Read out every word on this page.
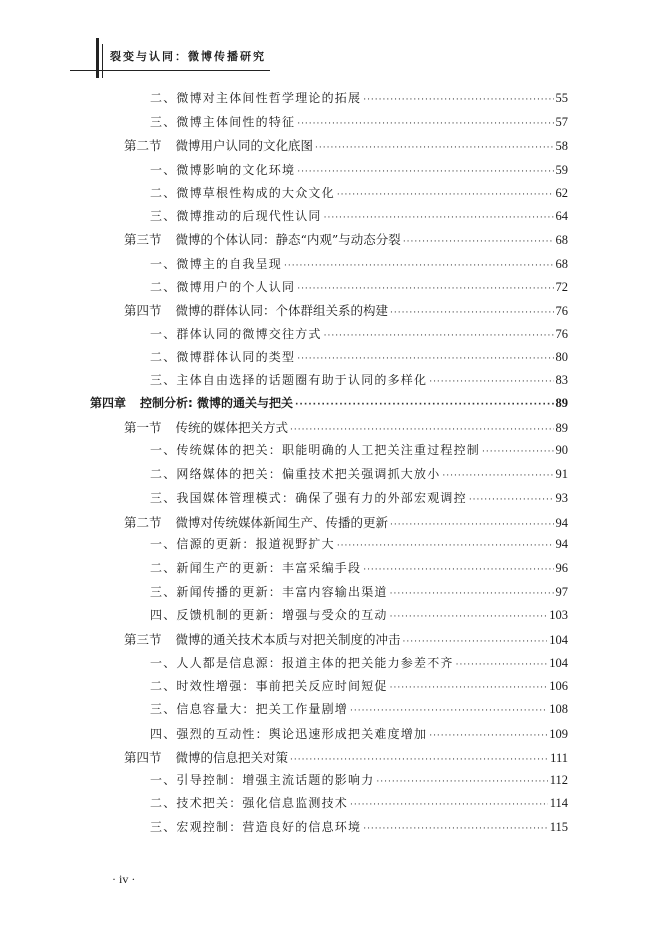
裂变与认同：微博传播研究
二、微博对主体间性哲学理论的拓展 ·····	55
三、微博主体间性的特征 ·····	57
第二节 微博用户认同的文化底图 ·····	58
一、微博影响的文化环境 ·····	59
二、微博草根性构成的大众文化 ·····	62
三、微博推动的后现代性认同 ·····	64
第三节 微博的个体认同：静态“内观”与动态分裂 ·····	68
一、微博主的自我呈现 ·····	68
二、微博用户的个人认同 ·····	72
第四节 微博的群体认同：个体群组关系的构建 ·····	76
一、群体认同的微博交往方式 ·····	76
二、微博群体认同的类型 ·····	80
三、主体自由选择的话题圈有助于认同的多样化 ·····	83
第四章 控制分析: 微博的通关与把关 ·····	89
第一节 传统的媒体把关方式 ·····	89
一、传统媒体的把关：职能明确的人工把关注重过程控制 ·····	90
二、网络媒体的把关：偏重技术把关强调抓大放小 ·····	91
三、我国媒体管理模式：确保了强有力的外部宏观调控 ·····	93
第二节 微博对传统媒体新闻生产、传播的更新 ·····	94
一、信源的更新：报道视野扩大 ·····	94
二、新闻生产的更新：丰富采编手段 ·····	96
三、新闻传播的更新：丰富内容输出渠道 ·····	97
四、反馈机制的更新：增强与受众的互动 ·····	103
第三节 微博的通关技术本质与对把关制度的冲击 ·····	104
一、人人都是信息源：报道主体的把关能力参差不齐 ·····	104
二、时效性增强：事前把关反应时间短促 ·····	106
三、信息容量大：把关工作量剧增 ·····	108
四、强烈的互动性：舆论迅速形成把关难度增加 ·····	109
第四节 微博的信息把关对策 ·····	111
一、引导控制：增强主流话题的影响力 ·····	112
二、技术把关：强化信息监测技术 ·····	114
三、宏观控制：营造良好的信息环境 ·····	115
· iv ·
